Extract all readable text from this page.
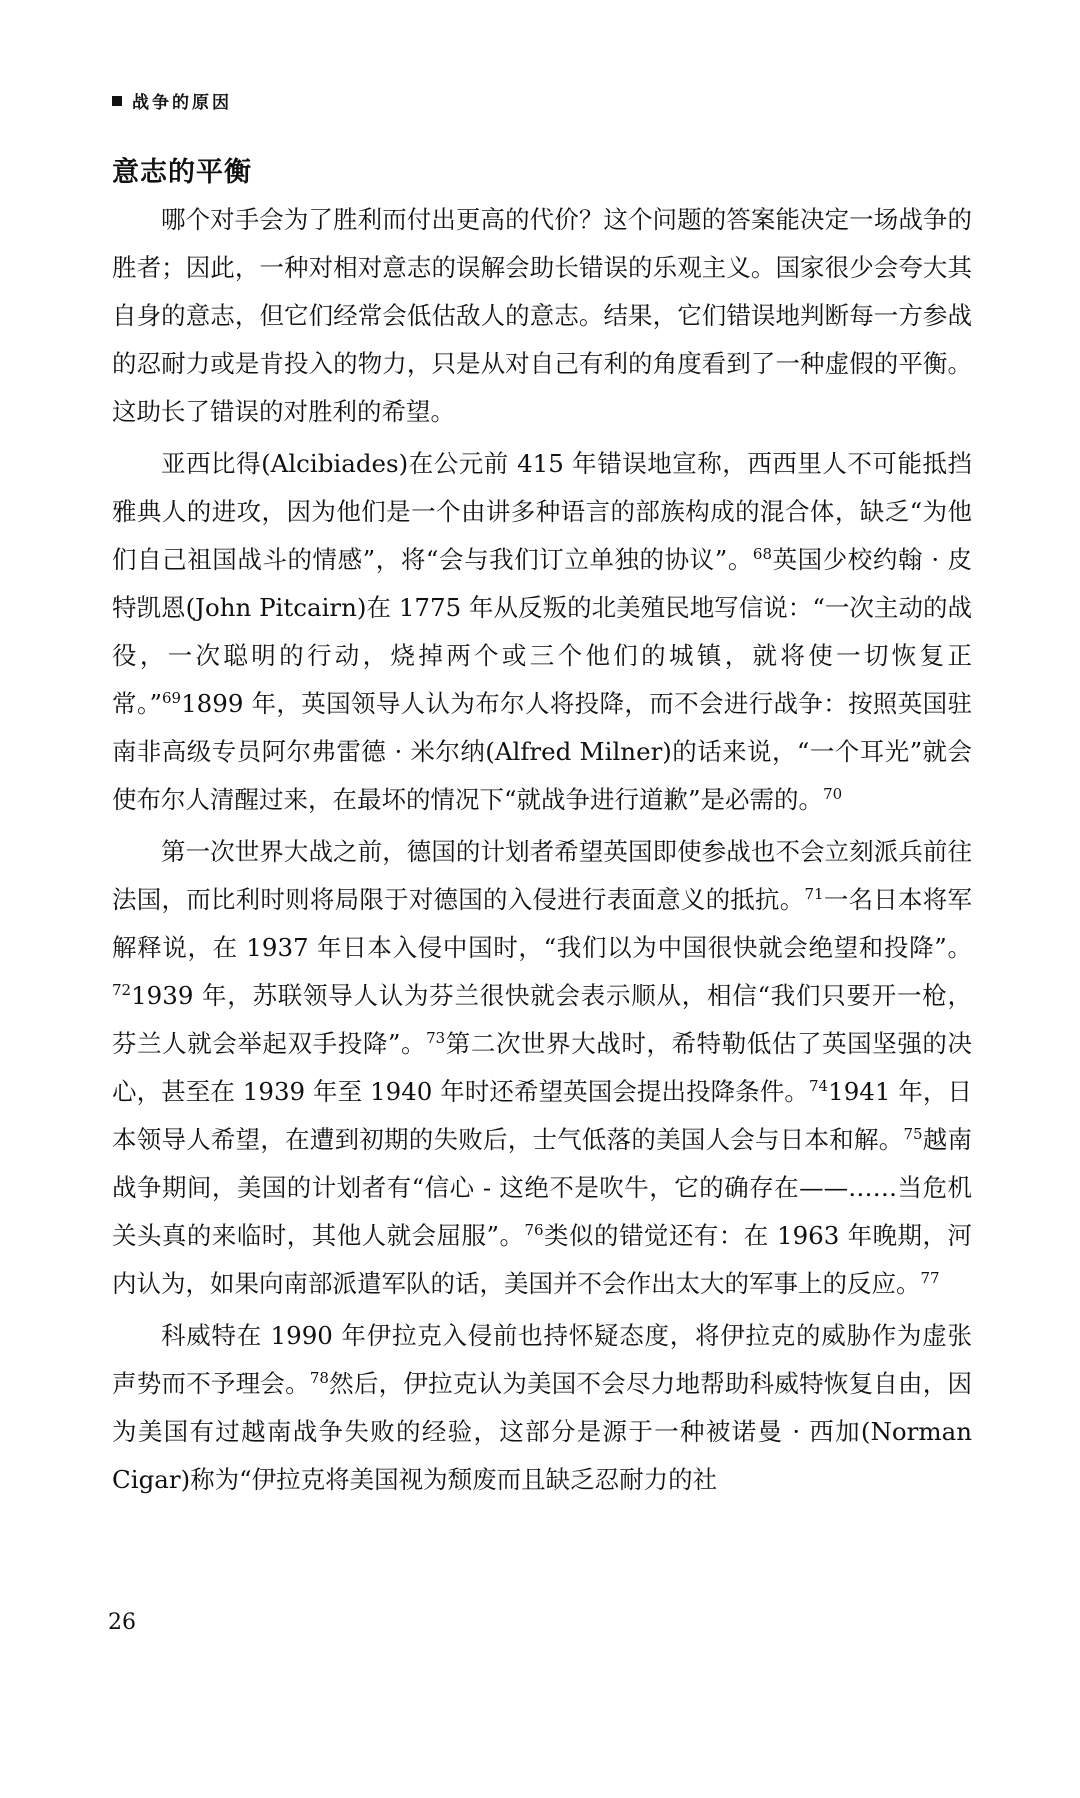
战争的原因
意志的平衡

哪个对手会为了胜利而付出更高的代价？这个问题的答案能决定一场战争的胜者；因此，一种对相对意志的误解会助长错误的乐观主义。国家很少会夸大其自身的意志，但它们经常会低估敌人的意志。结果，它们错误地判断每一方参战的忍耐力或是肯投入的物力，只是从对自己有利的角度看到了一种虚假的平衡。这助长了错误的对胜利的希望。

亚西比得(Alcibiades)在公元前 415 年错误地宣称，西西里人不可能抵挡雅典人的进攻，因为他们是一个由讲多种语言的部族构成的混合体，缺乏“为他们自己祖国战斗的情感”，将“会与我们订立单独的协议”。$^{68}$英国少校约翰 · 皮特凯恩(John Pitcairn)在 1775 年从反叛的北美殖民地写信说：“一次主动的战役，一次聪明的行动，烧掉两个或三个他们的城镇，就将使一切恢复正常。”$^{69}$1899 年，英国领导人认为布尔人将投降，而不会进行战争：按照英国驻南非高级专员阿尔弗雷德 · 米尔纳(Alfred Milner)的话来说，“一个耳光”就会使布尔人清醒过来，在最坏的情况下“就战争进行道歉”是必需的。$^{70}$

第一次世界大战之前，德国的计划者希望英国即使参战也不会立刻派兵前往法国，而比利时则将局限于对德国的入侵进行表面意义的抵抗。$^{71}$一名日本将军解释说，在 1937 年日本入侵中国时，“我们以为中国很快就会绝望和投降”。$^{72}$1939 年，苏联领导人认为芬兰很快就会表示顺从，相信“我们只要开一枪，芬兰人就会举起双手投降”。$^{73}$第二次世界大战时，希特勒低估了英国坚强的决心，甚至在 1939 年至 1940 年时还希望英国会提出投降条件。$^{74}$1941 年，日本领导人希望，在遭到初期的失败后，士气低落的美国人会与日本和解。$^{75}$越南战争期间，美国的计划者有“信心 - 这绝不是吹牛，它的确存在——……当危机关头真的来临时，其他人就会屈服”。$^{76}$类似的错觉还有：在 1963 年晚期，河内认为，如果向南部派遣军队的话，美国并不会作出太大的军事上的反应。$^{77}$

科威特在 1990 年伊拉克入侵前也持怀疑态度，将伊拉克的威胁作为虚张声势而不予理会。$^{78}$然后，伊拉克认为美国不会尽力地帮助科威特恢复自由，因为美国有过越南战争失败的经验，这部分是源于一种被诺曼 · 西加(Norman Cigar)称为“伊拉克将美国视为颓废而且缺乏忍耐力的社

26
